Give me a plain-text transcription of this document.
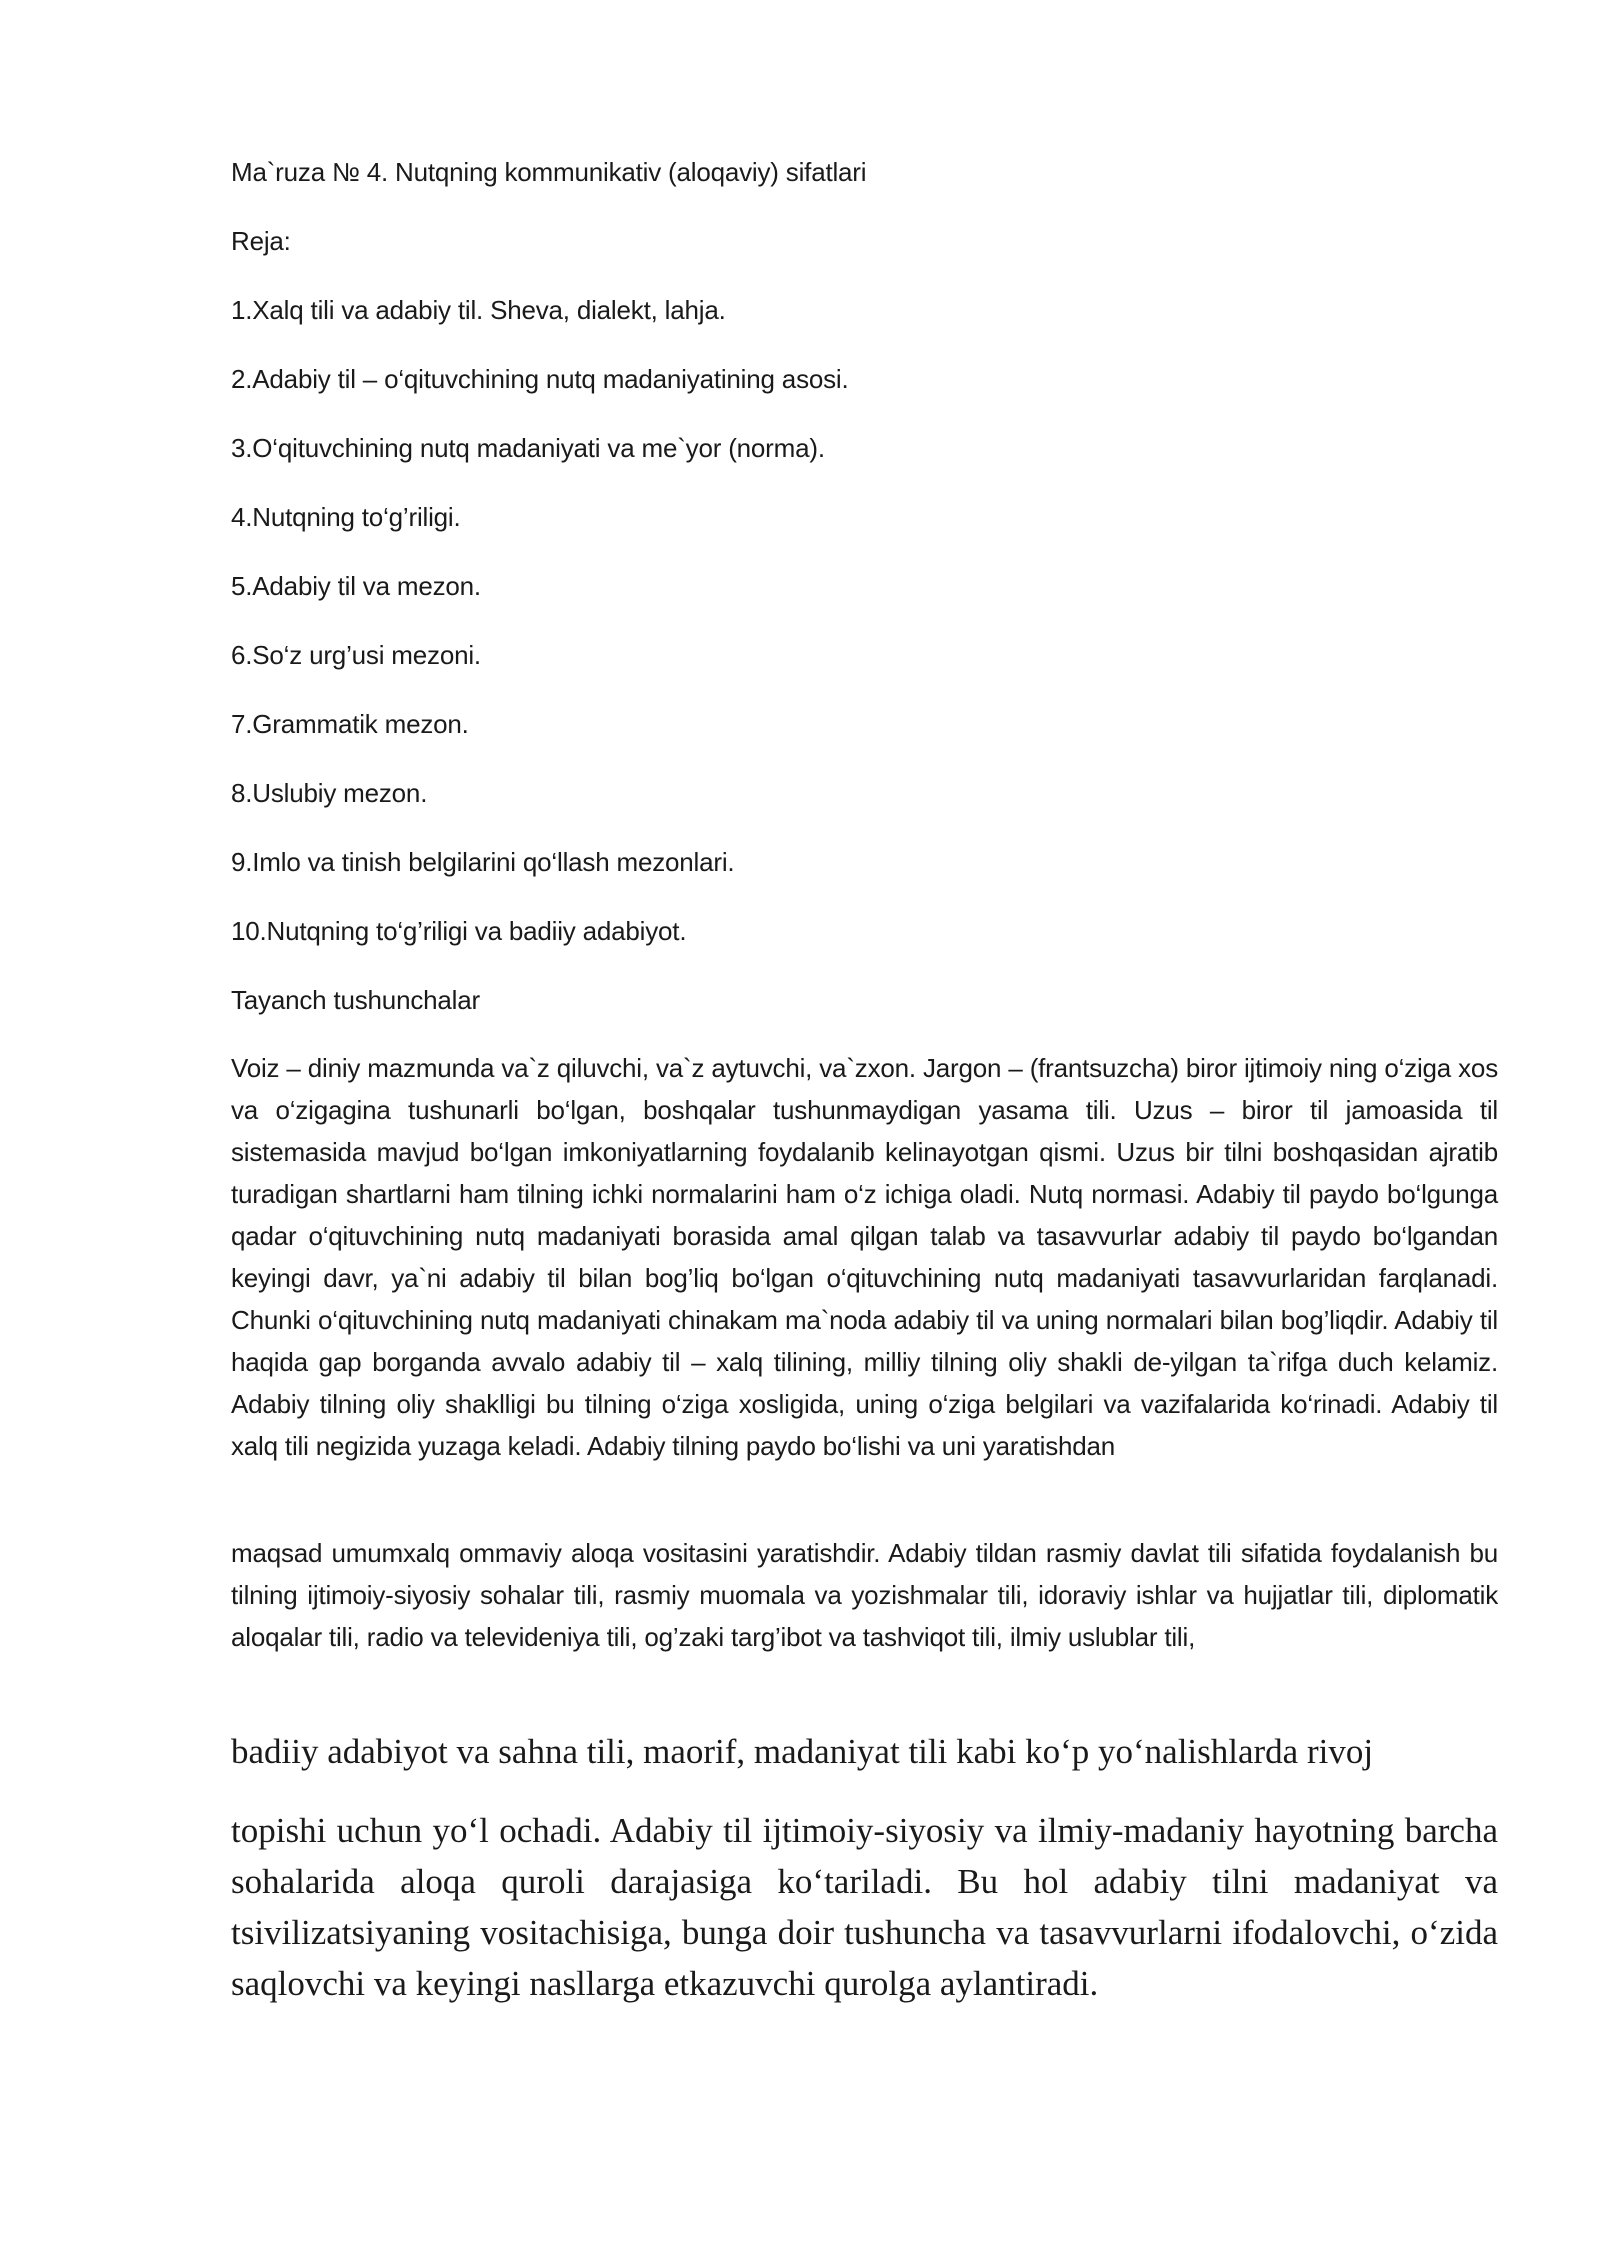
Ma`ruza № 4. Nutqning kommunikativ (aloqaviy) sifatlari
Reja:
1.Xalq tili va adabiy til. Sheva, dialekt, lahja.
2.Adabiy til – o‘qituvchining nutq madaniyatining asosi.
3.O‘qituvchining nutq madaniyati va me`yor (norma).
4.Nutqning to‘g’riligi.
5.Adabiy til va mezon.
6.So‘z urg’usi mezoni.
7.Grammatik mezon.
8.Uslubiy mezon.
9.Imlo va tinish belgilarini qo‘llash mezonlari.
10.Nutqning to‘g’riligi va badiiy adabiyot.
Tayanch tushunchalar
Voiz – diniy mazmunda va`z qiluvchi, va`z aytuvchi, va`zxon. Jargon – (frantsuzcha) biror ijtimoiy ning o‘ziga xos va o‘zigagina tushunarli bo‘lgan, boshqalar tushunmaydigan yasama tili. Uzus – biror til jamoasida til sistemasida mavjud bo‘lgan imkoniyatlarning foydalanib kelinayotgan qismi. Uzus bir tilni boshqasidan ajratib turadigan shartlarni ham tilning ichki normalarini ham o‘z ichiga oladi. Nutq normasi. Adabiy til paydo bo‘lgunga qadar o‘qituvchining nutq madaniyati borasida amal qilgan talab va tasavvurlar adabiy til paydo bo‘lgandan keyingi davr, ya`ni adabiy til bilan bog’liq bo‘lgan o‘qituvchining nutq madaniyati tasavvurlaridan farqlanadi. Chunki o‘qituvchining nutq madaniyati chinakam ma`noda adabiy til va uning normalari bilan bog’liqdir. Adabiy til haqida gap borganda avvalo adabiy til – xalq tilining, milliy tilning oliy shakli de-yilgan ta`rifga duch kelamiz. Adabiy tilning oliy shaklligi bu tilning o‘ziga xosligida, uning o‘ziga belgilari va vazifalarida ko‘rinadi. Adabiy til xalq tili negizida yuzaga keladi. Adabiy tilning paydo bo‘lishi va uni yaratishdan
maqsad umumxalq ommaviy aloqa vositasini yaratishdir. Adabiy tildan rasmiy davlat tili sifatida foydalanish bu tilning ijtimoiy-siyosiy sohalar tili, rasmiy muomala va yozishmalar tili, idoraviy ishlar va hujjatlar tili, diplomatik aloqalar tili, radio va televideniya tili, og’zaki targ’ibot va tashviqot tili, ilmiy uslublar tili,
badiiy adabiyot va sahna tili, maorif, madaniyat tili kabi ko‘p yo‘nalishlarda rivoj
topishi uchun yo‘l ochadi. Adabiy til ijtimoiy-siyosiy va ilmiy-madaniy hayotning barcha sohalarida aloqa quroli darajasiga ko‘tariladi. Bu hol adabiy tilni madaniyat va tsivilizatsiyaning vositachisiga, bunga doir tushuncha va tasavvurlarni ifodalovchi, o‘zida saqlovchi va keyingi nasllarga etkazuvchi qurolga aylantiradi.
